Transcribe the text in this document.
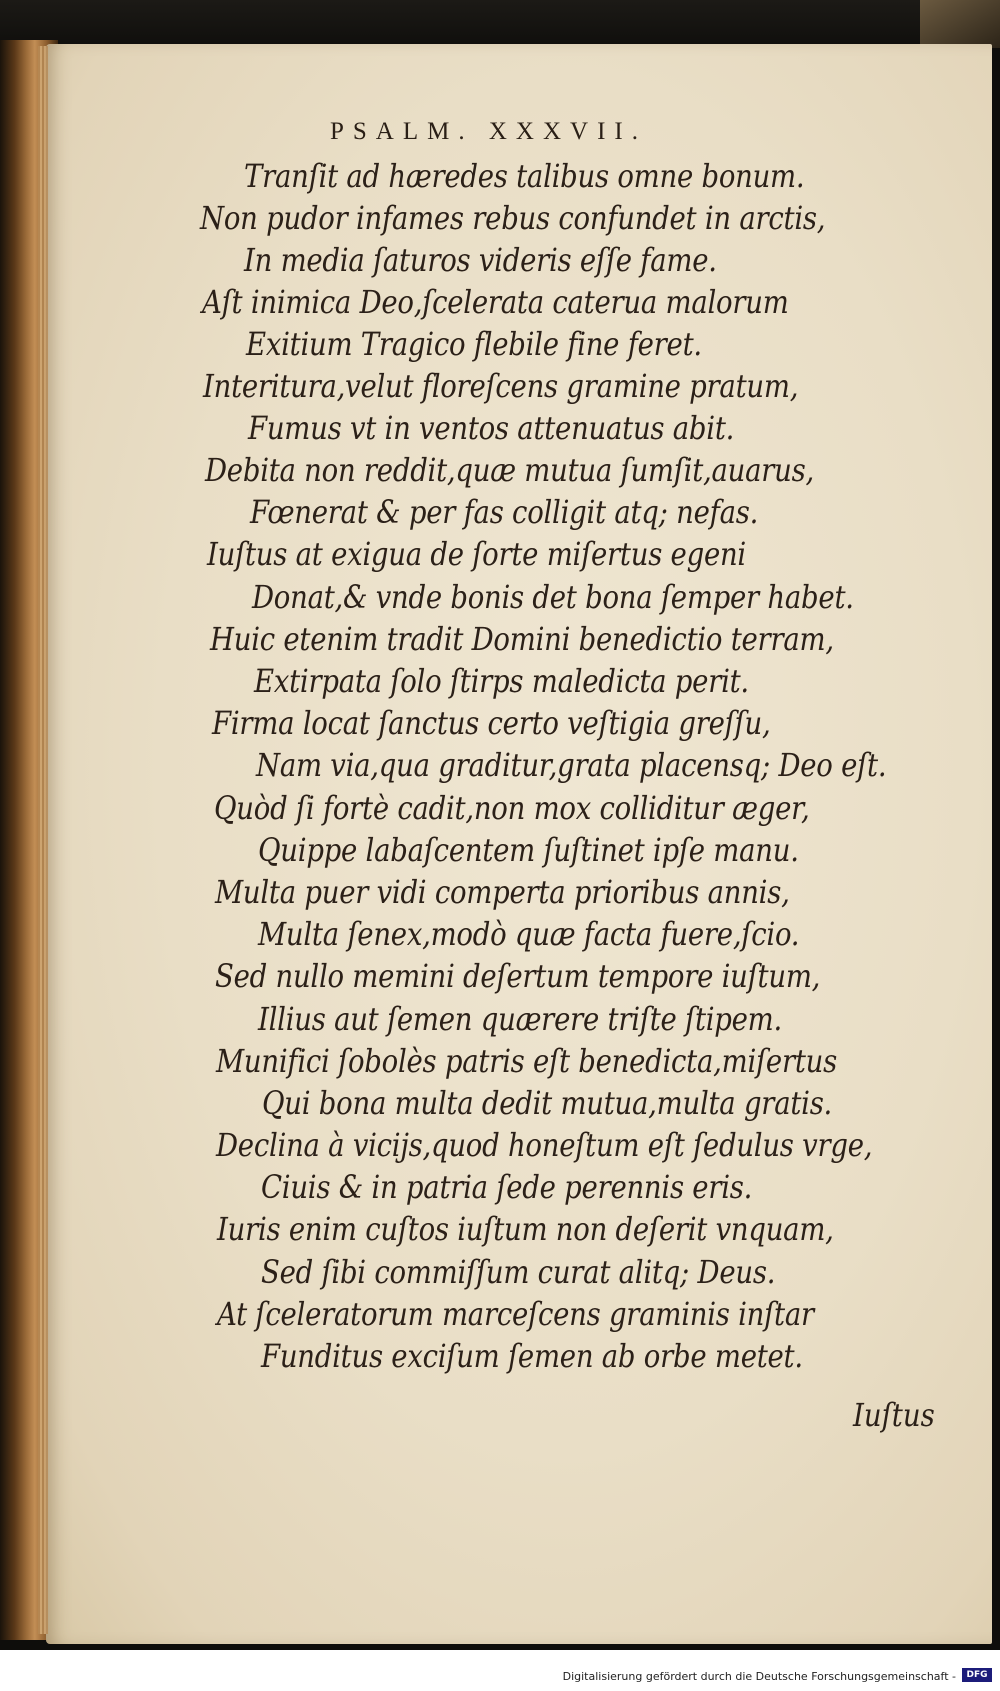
PSALM. XXXVII.
Tranſit ad hæredes talibus omne bonum.
Non pudor infames rebus confundet in arctis,
In media ſaturos videris eſſe fame.
Aſt inimica Deo,ſcelerata caterua malorum
Exitium Tragico flebile fine feret.
Interitura,velut floreſcens gramine pratum,
Fumus vt in ventos attenuatus abit.
Debita non reddit,quæ mutua ſumſit,auarus,
Fœnerat & per fas colligit atq; nefas.
Iuſtus at exigua de ſorte miſertus egeni
Donat,& vnde bonis det bona ſemper habet.
Huic etenim tradit Domini benedictio terram,
Extirpata ſolo ſtirps maledicta perit.
Firma locat ſanctus certo veſtigia greſſu,
Nam via,qua graditur,grata placensq; Deo eſt.
Quòd ſi fortè cadit,non mox colliditur æger,
Quippe labaſcentem ſuſtinet ipſe manu.
Multa puer vidi comperta prioribus annis,
Multa ſenex,modò quæ facta fuere,ſcio.
Sed nullo memini deſertum tempore iuſtum,
Illius aut ſemen quærere triſte ſtipem.
Munifici ſobolès patris eſt benedicta,miſertus
Qui bona multa dedit mutua,multa gratis.
Declina à vicijs,quod honeſtum eſt ſedulus vrge,
Ciuis & in patria ſede perennis eris.
Iuris enim cuſtos iuſtum non deſerit vnquam,
Sed ſibi commiſſum curat alitq; Deus.
At ſceleratorum marceſcens graminis inſtar
Funditus exciſum ſemen ab orbe metet.
Iuſtus
Digitalisierung gefördert durch die Deutsche Forschungsgemeinschaft -	DFG
